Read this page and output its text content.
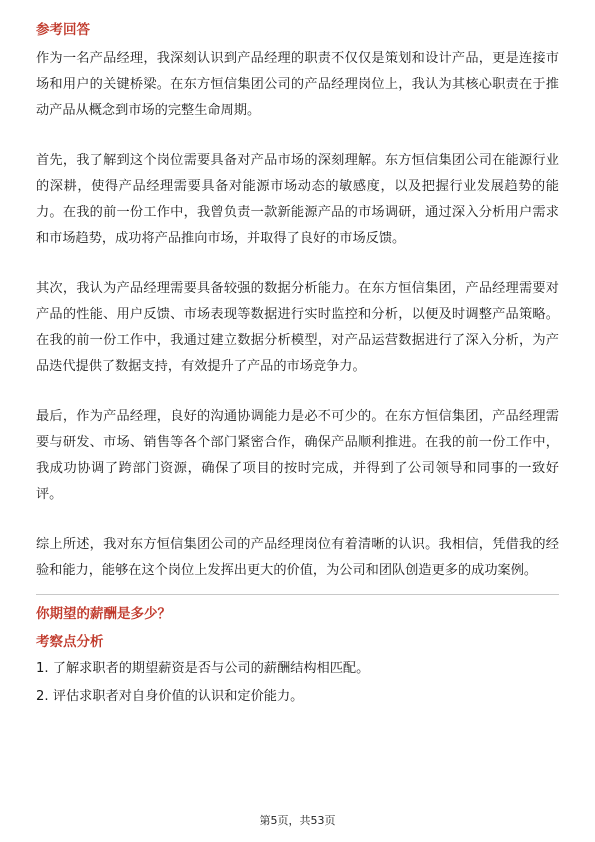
参考回答

作为一名产品经理，我深刻认识到产品经理的职责不仅仅是策划和设计产品，更是连接市场和用户的关键桥梁。在东方恒信集团公司的产品经理岗位上，我认为其核心职责在于推动产品从概念到市场的完整生命周期。

首先，我了解到这个岗位需要具备对产品市场的深刻理解。东方恒信集团公司在能源行业的深耕，使得产品经理需要具备对能源市场动态的敏感度，以及把握行业发展趋势的能力。在我的前一份工作中，我曾负责一款新能源产品的市场调研，通过深入分析用户需求和市场趋势，成功将产品推向市场，并取得了良好的市场反馈。

其次，我认为产品经理需要具备较强的数据分析能力。在东方恒信集团，产品经理需要对产品的性能、用户反馈、市场表现等数据进行实时监控和分析，以便及时调整产品策略。在我的前一份工作中，我通过建立数据分析模型，对产品运营数据进行了深入分析，为产品迭代提供了数据支持，有效提升了产品的市场竞争力。

最后，作为产品经理，良好的沟通协调能力是必不可少的。在东方恒信集团，产品经理需要与研发、市场、销售等各个部门紧密合作，确保产品顺利推进。在我的前一份工作中，我成功协调了跨部门资源，确保了项目的按时完成，并得到了公司领导和同事的一致好评。

综上所述，我对东方恒信集团公司的产品经理岗位有着清晰的认识。我相信，凭借我的经验和能力，能够在这个岗位上发挥出更大的价值，为公司和团队创造更多的成功案例。

你期望的薪酬是多少？
考察点分析

1. 了解求职者的期望薪资是否与公司的薪酬结构相匹配。

2. 评估求职者对自身价值的认识和定价能力。

第5页，共53页
